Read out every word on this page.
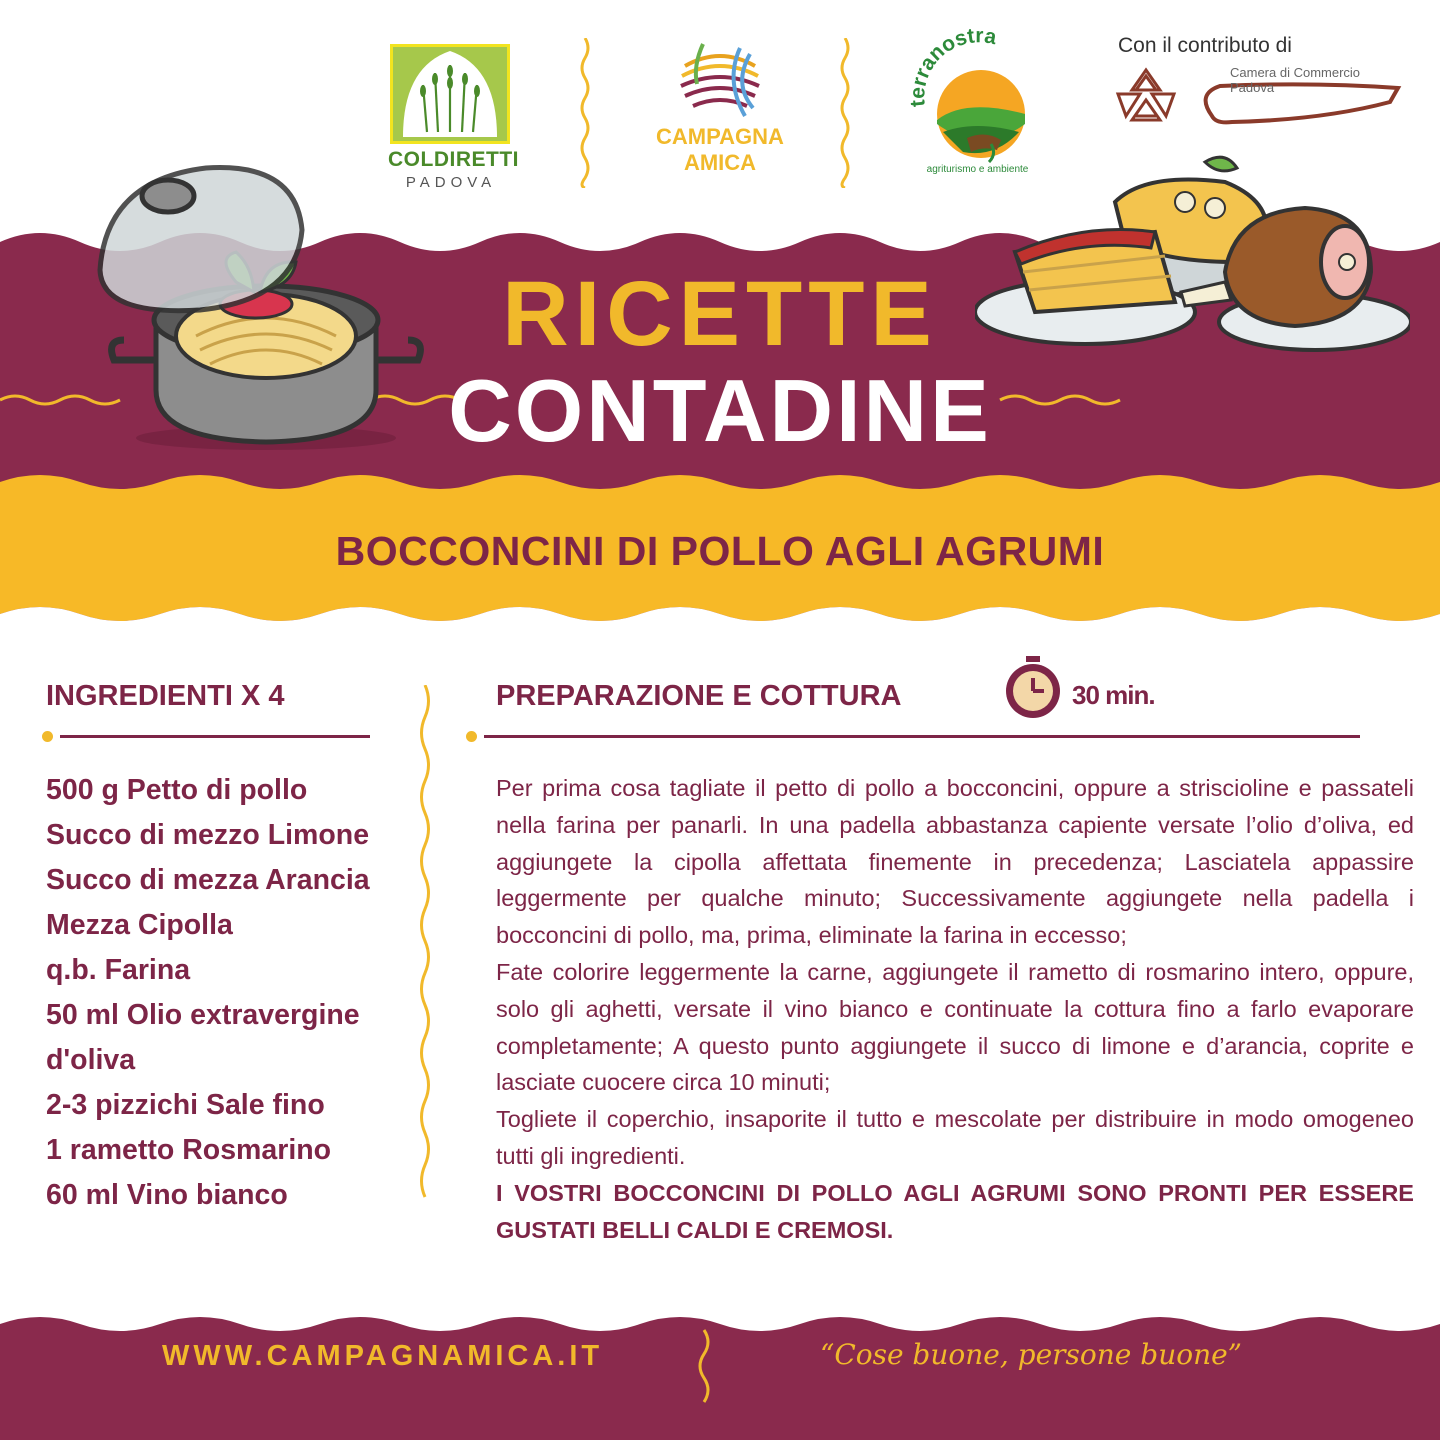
COLDIRETTI
PADOVA
CAMPAGNA
AMICA
terranostra
agriturismo e ambiente
Con il contributo di
Camera di Commercio
Padova
RICETTE
CONTADINE
BOCCONCINI DI POLLO AGLI AGRUMI
INGREDIENTI X 4
500 g Petto di pollo
Succo di mezzo Limone
Succo di mezza Arancia
Mezza Cipolla
q.b. Farina
50 ml Olio extravergine
d'oliva
2-3 pizzichi Sale fino
1 rametto Rosmarino
60 ml Vino bianco
PREPARAZIONE E COTTURA	30 min.

Per prima cosa tagliate il petto di pollo a bocconcini, oppure a striscioline e passateli nella farina per panarli. In una padella abbastanza capiente versate l’olio d’oliva, ed aggiungete la cipolla affettata finemente in precedenza; Lasciatela appassire leggermente per qualche minuto; Successivamente aggiungete nella padella i bocconcini di pollo, ma, prima, eliminate la farina in eccesso;

Fate colorire leggermente la carne, aggiungete il rametto di rosmarino intero, oppure, solo gli aghetti, versate il vino bianco e continuate la cottura fino a farlo evaporare completamente; A questo punto aggiungete il succo di limone e d’arancia, coprite e lasciate cuocere circa 10 minuti;

Togliete il coperchio, insaporite il tutto e mescolate per distribuire in modo omogeneo tutti gli ingredienti.

I VOSTRI BOCCONCINI DI POLLO AGLI AGRUMI SONO PRONTI PER ESSERE GUSTATI BELLI CALDI E CREMOSI.

WWW.CAMPAGNAMICA.IT	“Cose buone, persone buone”
